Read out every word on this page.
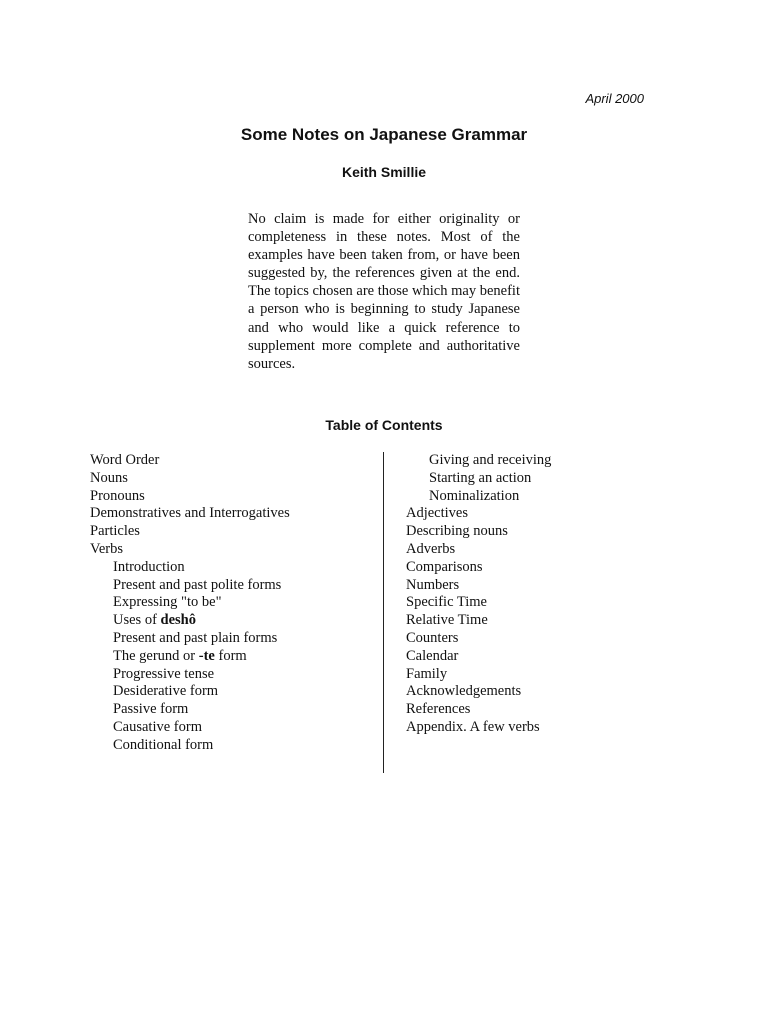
April 2000
Some Notes on Japanese Grammar
Keith Smillie

No claim is made for either originality or completeness in these notes. Most of the examples have been taken from, or have been suggested by, the references given at the end. The topics chosen are those which may benefit a person who is beginning to study Japanese and who would like a quick reference to supplement more complete and authoritative sources.

Table of Contents
Word Order
Nouns
Pronouns
Demonstratives and Interrogatives
Particles
Verbs
Introduction
Present and past polite forms
Expressing "to be"
Uses of deshô
Present and past plain forms
The gerund or -te form
Progressive tense
Desiderative form
Passive form
Causative form
Conditional form
Giving and receiving
Starting an action
Nominalization
Adjectives
Describing nouns
Adverbs
Comparisons
Numbers
Specific Time
Relative Time
Counters
Calendar
Family
Acknowledgements
References
Appendix. A few verbs
